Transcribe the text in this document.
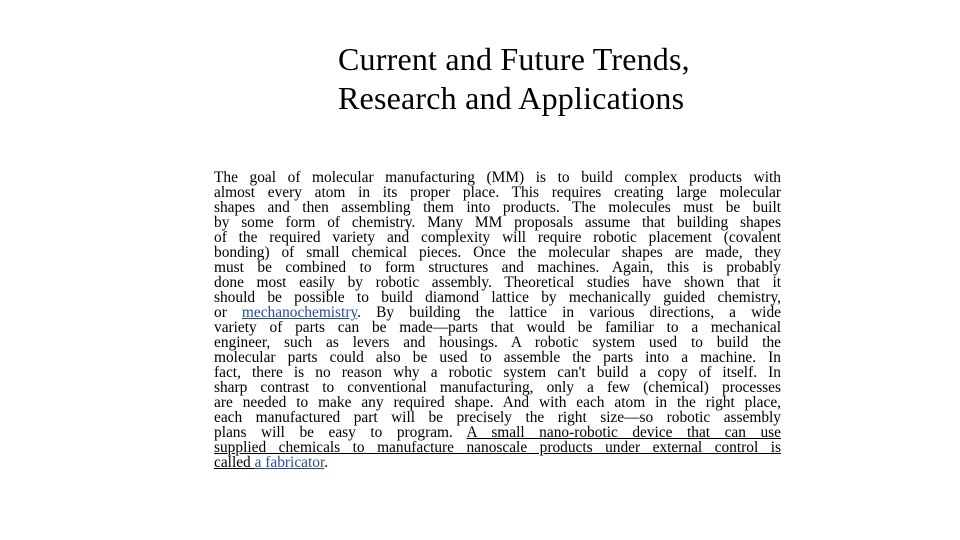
Current and Future Trends,
Research and Applications
The goal of molecular manufacturing (MM) is to build complex products with
almost every atom in its proper place. This requires creating large molecular
shapes and then assembling them into products. The molecules must be built
by some form of chemistry. Many MM proposals assume that building shapes
of the required variety and complexity will require robotic placement (covalent
bonding) of small chemical pieces. Once the molecular shapes are made, they
must be combined to form structures and machines. Again, this is probably
done most easily by robotic assembly. Theoretical studies have shown that it
should be possible to build diamond lattice by mechanically guided chemistry,
or mechanochemistry. By building the lattice in various directions, a wide
variety of parts can be made—parts that would be familiar to a mechanical
engineer, such as levers and housings. A robotic system used to build the
molecular parts could also be used to assemble the parts into a machine. In
fact, there is no reason why a robotic system can't build a copy of itself. In
sharp contrast to conventional manufacturing, only a few (chemical) processes
are needed to make any required shape. And with each atom in the right place,
each manufactured part will be precisely the right size—so robotic assembly
plans will be easy to program. A small nano-robotic device that can use
supplied chemicals to manufacture nanoscale products under external control is
called a fabricator.
